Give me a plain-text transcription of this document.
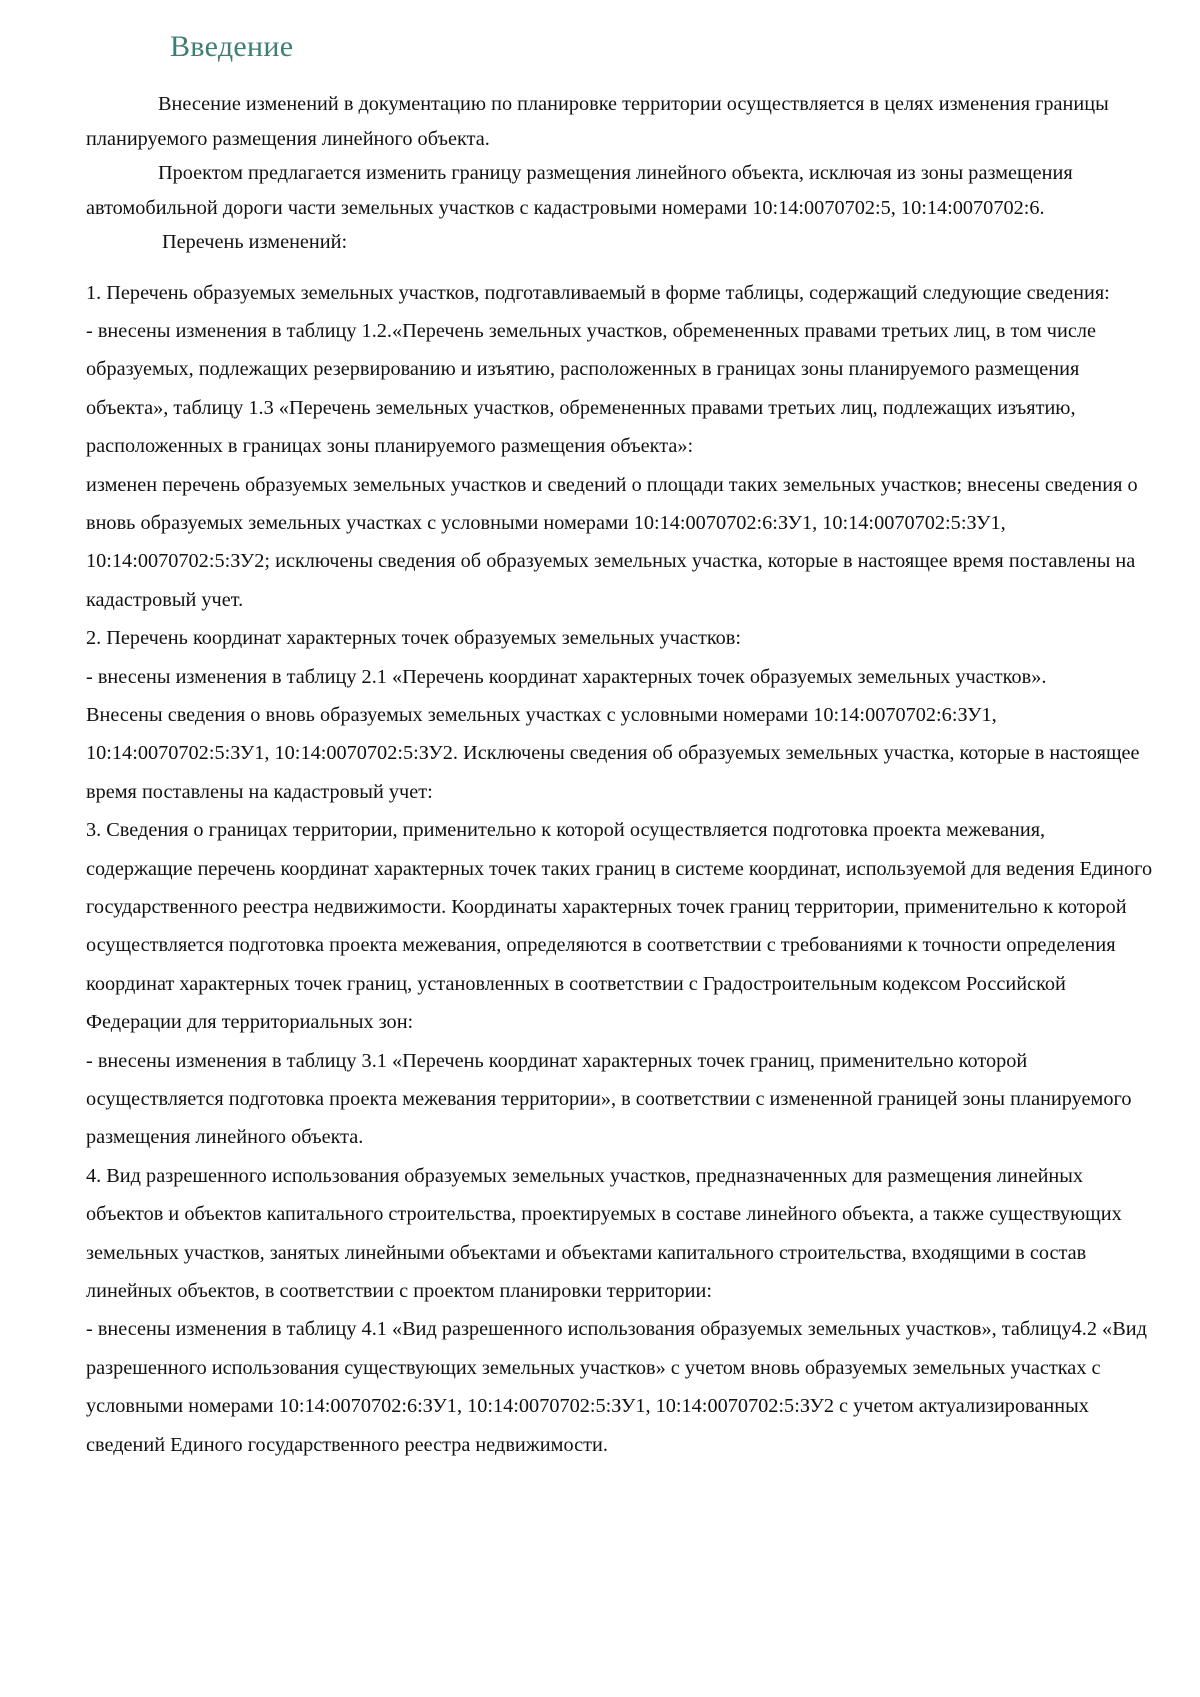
Введение

Внесение изменений в документацию по планировке территории осуществляется в целях изменения границы планируемого размещения линейного объекта.

Проектом предлагается изменить границу размещения линейного объекта, исключая из зоны размещения автомобильной дороги части земельных участков с кадастровыми номерами 10:14:0070702:5, 10:14:0070702:6.

Перечень изменений:

1. Перечень образуемых земельных участков, подготавливаемый в форме таблицы, содержащий следующие сведения:

- внесены изменения в таблицу 1.2.«Перечень земельных участков, обремененных правами третьих лиц, в том числе образуемых, подлежащих резервированию и изъятию, расположенных в границах зоны планируемого размещения объекта», таблицу 1.3 «Перечень земельных участков, обремененных правами третьих лиц, подлежащих изъятию, расположенных в границах зоны планируемого размещения объекта»:

изменен перечень образуемых земельных участков и сведений о площади таких земельных участков; внесены сведения о вновь образуемых земельных участках с условными номерами 10:14:0070702:6:ЗУ1, 10:14:0070702:5:ЗУ1, 10:14:0070702:5:ЗУ2; исключены сведения об образуемых земельных участка, которые в настоящее время поставлены на кадастровый учет.

2. Перечень координат характерных точек образуемых земельных участков:

- внесены изменения в таблицу 2.1 «Перечень координат характерных точек образуемых земельных участков».

Внесены сведения о вновь образуемых земельных участках с условными номерами 10:14:0070702:6:ЗУ1, 10:14:0070702:5:ЗУ1, 10:14:0070702:5:ЗУ2. Исключены сведения об образуемых земельных участка, которые в настоящее время поставлены на кадастровый учет:

3. Сведения о границах территории, применительно к которой осуществляется подготовка проекта межевания, содержащие перечень координат характерных точек таких границ в системе координат, используемой для ведения Единого государственного реестра недвижимости. Координаты характерных точек границ территории, применительно к которой осуществляется подготовка проекта межевания, определяются в соответствии с требованиями к точности определения координат характерных точек границ, установленных в соответствии с Градостроительным кодексом Российской Федерации для территориальных зон:

- внесены изменения в таблицу 3.1 «Перечень координат характерных точек границ, применительно которой осуществляется подготовка проекта межевания территории», в соответствии с измененной границей зоны планируемого размещения линейного объекта.

4. Вид разрешенного использования образуемых земельных участков, предназначенных для размещения линейных объектов и объектов капитального строительства, проектируемых в составе линейного объекта, а также существующих земельных участков, занятых линейными объектами и объектами капитального строительства, входящими в состав линейных объектов, в соответствии с проектом планировки территории:

- внесены изменения в таблицу 4.1 «Вид разрешенного использования образуемых земельных участков», таблицу4.2 «Вид разрешенного использования существующих земельных участков» с учетом вновь образуемых земельных участках с условными номерами 10:14:0070702:6:ЗУ1, 10:14:0070702:5:ЗУ1, 10:14:0070702:5:ЗУ2 с учетом актуализированных сведений Единого государственного реестра недвижимости.
